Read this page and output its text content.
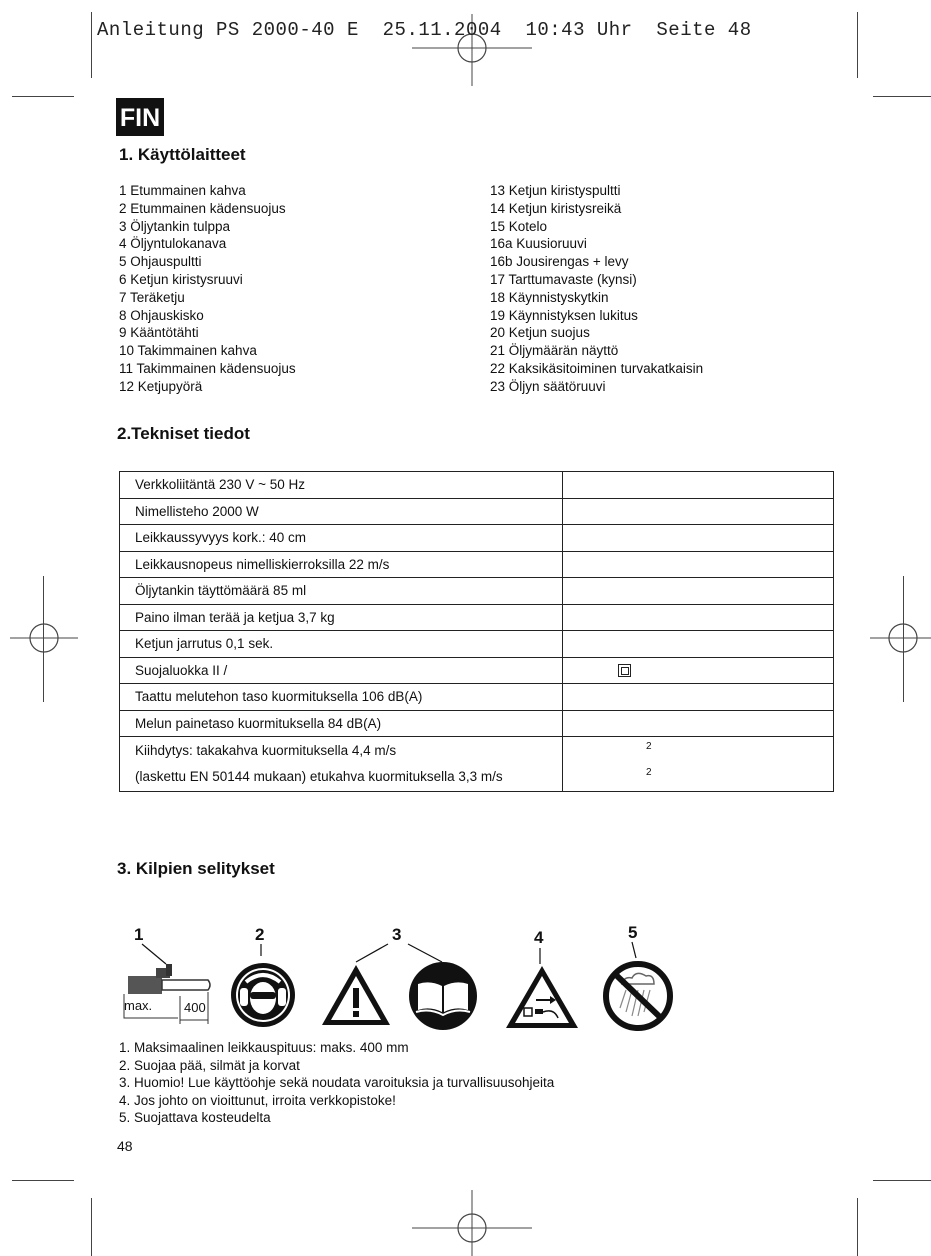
Anleitung PS 2000-40 E  25.11.2004  10:43 Uhr  Seite 48
FIN
1. Käyttölaitteet
1 Etummainen kahva
2 Etummainen kädensuojus
3 Öljytankin tulppa
4 Öljyntulokanava
5 Ohjauspultti
6 Ketjun kiristysruuvi
7 Teräketju
8 Ohjauskisko
9 Kääntötähti
10 Takimmainen kahva
11 Takimmainen kädensuojus
12 Ketjupyörä
13 Ketjun kiristyspultti
14 Ketjun kiristysreikä
15 Kotelo
16a Kuusioruuvi
16b Jousirengas + levy
17 Tarttumavaste (kynsi)
18 Käynnistyskytkin
19 Käynnistyksen lukitus
20 Ketjun suojus
21 Öljymäärän näyttö
22 Kaksikäsitoiminen turvakatkaisin
23 Öljyn säätöruuvi
2.Tekniset tiedot
Verkkoliitäntä 230 V ~ 50 Hz	
Nimellisteho 2000 W	
Leikkaussyvyys kork.: 40 cm	
Leikkausnopeus nimelliskierroksilla 22 m/s	
Öljytankin täyttömäärä 85 ml	
Paino ilman terää ja ketjua 3,7 kg	
Ketjun jarrutus 0,1 sek.	
Suojaluokka II /	

Taattu melutehon taso kuormituksella 106 dB(A)	
Melun painetaso kuormituksella 84 dB(A)	

Kiihdytys: takakahva kuormituksella 4,4 m/s
(laskettu EN 50144 mukaan) etukahva kuormituksella 3,3 m/s	2
2
3. Kilpien selitykset
1	2	3	4	5
max. 400
1. Maksimaalinen leikkauspituus: maks. 400 mm
2. Suojaa pää, silmät ja korvat
3. Huomio! Lue käyttöohje sekä noudata varoituksia ja turvallisuusohjeita
4. Jos johto on vioittunut, irroita verkkopistoke!
5. Suojattava kosteudelta
48
